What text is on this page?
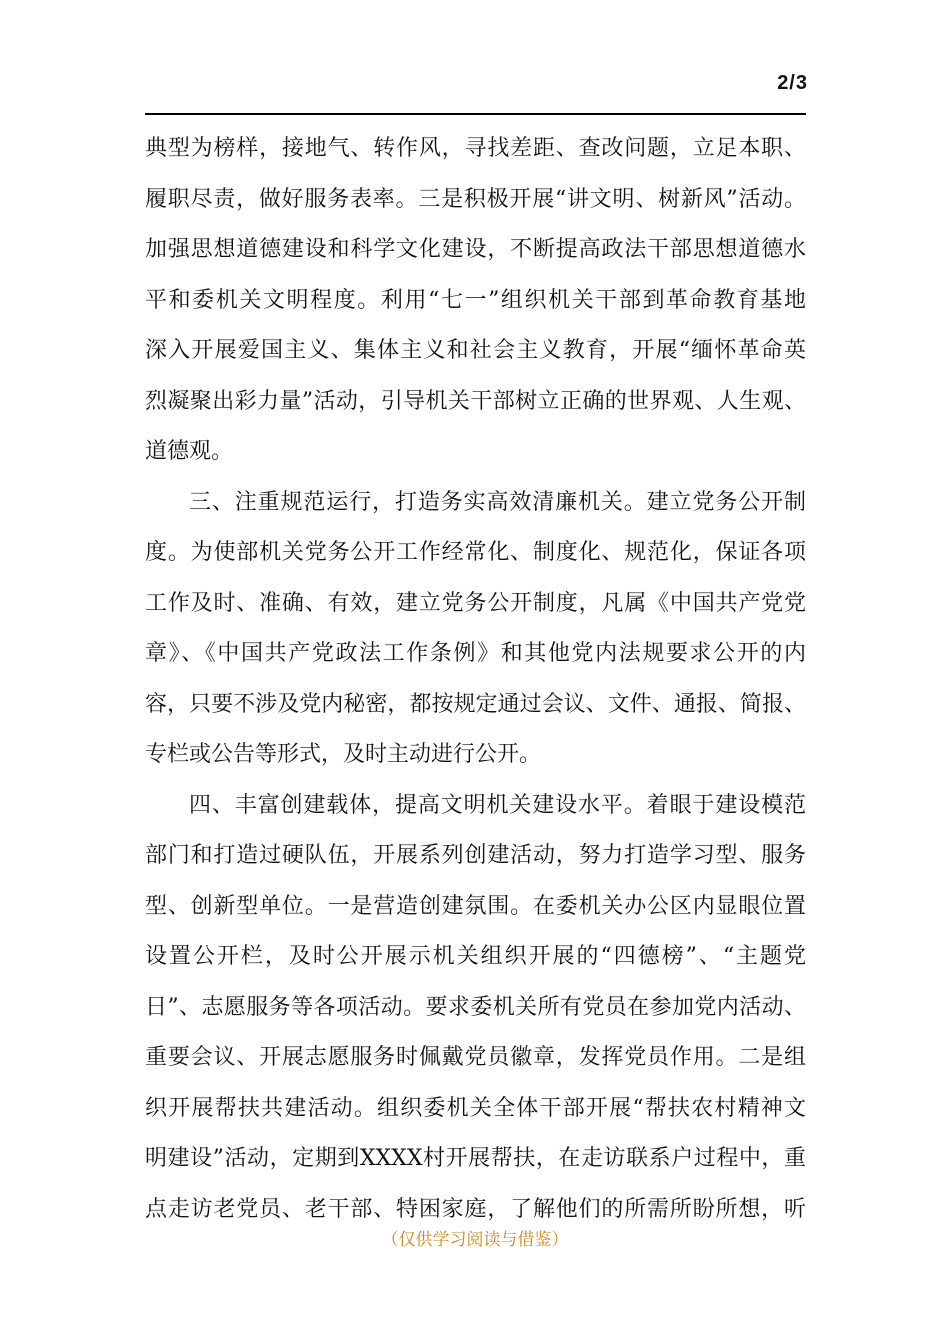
2/3
典型为榜样，接地气、转作风，寻找差距、查改问题，立足本职、
履职尽责，做好服务表率。三是积极开展“讲文明、树新风”活动。
加强思想道德建设和科学文化建设，不断提高政法干部思想道德水
平和委机关文明程度。利用“七一”组织机关干部到革命教育基地
深入开展爱国主义、集体主义和社会主义教育，开展“缅怀革命英
烈凝聚出彩力量”活动，引导机关干部树立正确的世界观、人生观、
道德观。
三、注重规范运行，打造务实高效清廉机关。建立党务公开制
度。为使部机关党务公开工作经常化、制度化、规范化，保证各项
工作及时、准确、有效，建立党务公开制度，凡属《中国共产党党
章》、《中国共产党政法工作条例》和其他党内法规要求公开的内
容，只要不涉及党内秘密，都按规定通过会议、文件、通报、简报、
专栏或公告等形式，及时主动进行公开。
四、丰富创建载体，提高文明机关建设水平。着眼于建设模范
部门和打造过硬队伍，开展系列创建活动，努力打造学习型、服务
型、创新型单位。一是营造创建氛围。在委机关办公区内显眼位置
设置公开栏，及时公开展示机关组织开展的“四德榜”、“主题党
日”、志愿服务等各项活动。要求委机关所有党员在参加党内活动、
重要会议、开展志愿服务时佩戴党员徽章，发挥党员作用。二是组
织开展帮扶共建活动。组织委机关全体干部开展“帮扶农村精神文
明建设”活动，定期到XXXX村开展帮扶，在走访联系户过程中，重
点走访老党员、老干部、特困家庭，了解他们的所需所盼所想，听
（仅供学习阅读与借鉴）
